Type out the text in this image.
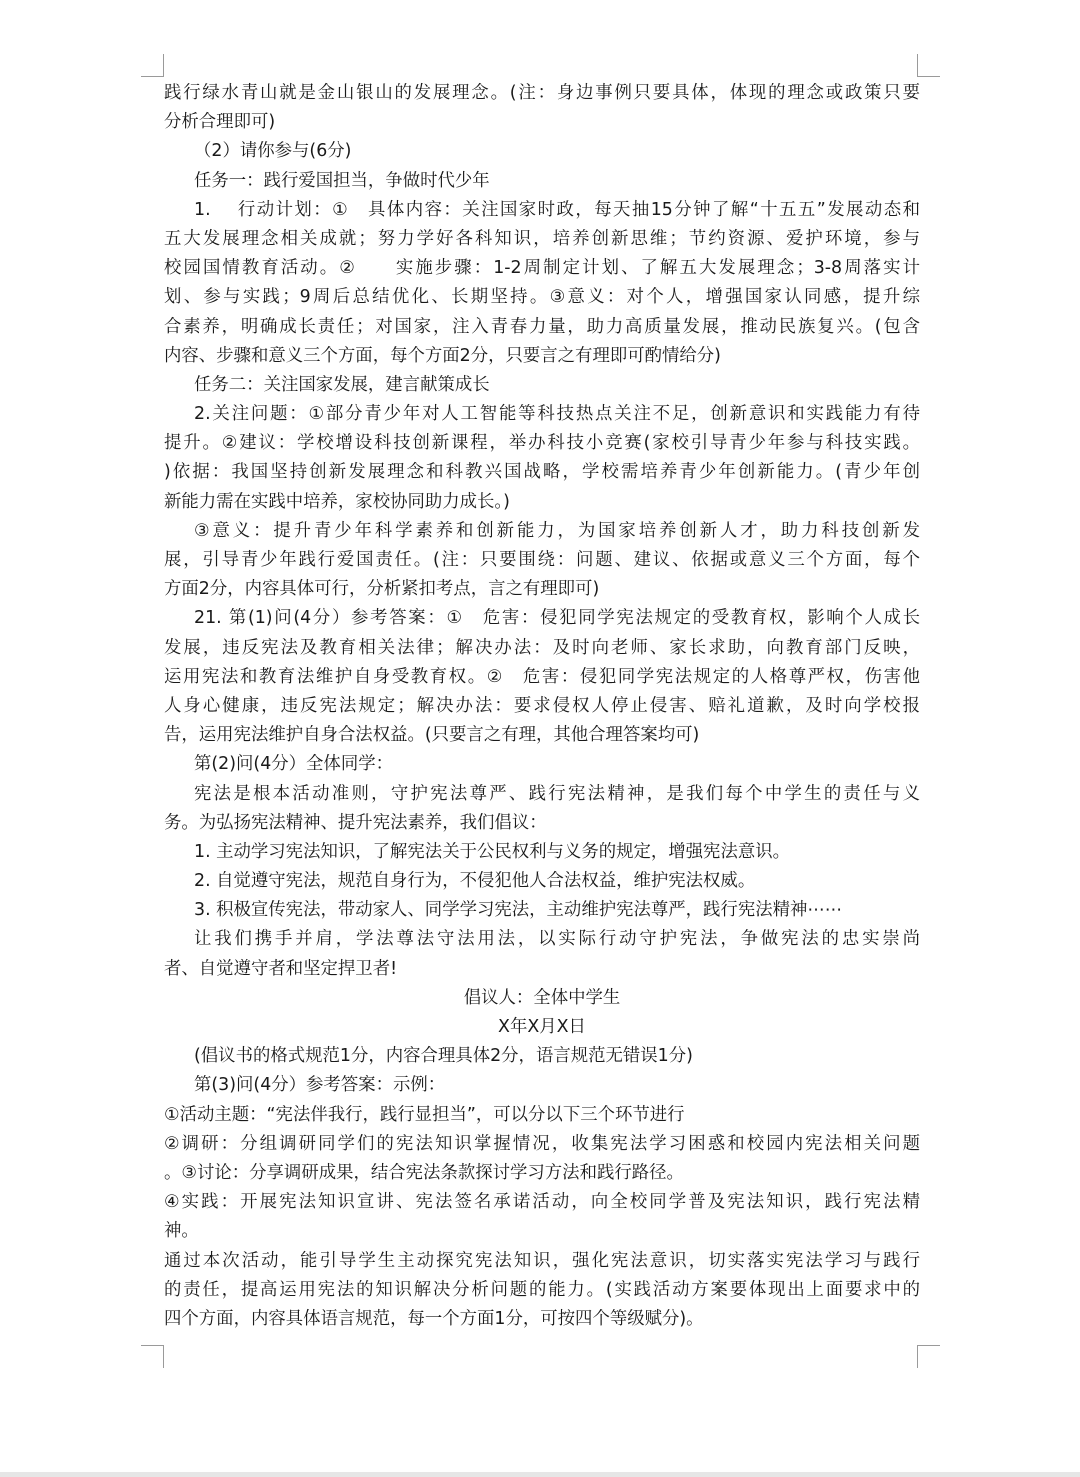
践行绿水青山就是金山银山的发展理念。(注：身边事例只要具体，体现的理念或政策只要
分析合理即可)
（2）请你参与(6分)
任务一：践行爱国担当，争做时代少年
1.　 行动计划：①　具体内容：关注国家时政，每天抽15分钟了解“十五五”发展动态和
五大发展理念相关成就；努力学好各科知识，培养创新思维；节约资源、爱护环境，参与
校园国情教育活动。②　　实施步骤：1-2周制定计划、了解五大发展理念；3-8周落实计
划、参与实践；9周后总结优化、长期坚持。③意义：对个人，增强国家认同感，提升综
合素养，明确成长责任；对国家，注入青春力量，助力高质量发展，推动民族复兴。(包含
内容、步骤和意义三个方面，每个方面2分，只要言之有理即可酌情给分)
任务二：关注国家发展，建言献策成长
2.关注问题：①部分青少年对人工智能等科技热点关注不足，创新意识和实践能力有待
提升。②建议：学校增设科技创新课程，举办科技小竞赛(家校引导青少年参与科技实践。
)依据：我国坚持创新发展理念和科教兴国战略，学校需培养青少年创新能力。(青少年创
新能力需在实践中培养，家校协同助力成长。)
③意义：提升青少年科学素养和创新能力，为国家培养创新人才，助力科技创新发
展，引导青少年践行爱国责任。(注：只要围绕：问题、建议、依据或意义三个方面，每个
方面2分，内容具体可行，分析紧扣考点，言之有理即可)
21. 第(1)问(4分）参考答案：①　危害：侵犯同学宪法规定的受教育权，影响个人成长
发展，违反宪法及教育相关法律；解决办法：及时向老师、家长求助，向教育部门反映，
运用宪法和教育法维护自身受教育权。②　危害：侵犯同学宪法规定的人格尊严权，伤害他
人身心健康，违反宪法规定；解决办法：要求侵权人停止侵害、赔礼道歉，及时向学校报
告，运用宪法维护自身合法权益。(只要言之有理，其他合理答案均可)
第(2)问(4分）全体同学：
宪法是根本活动准则，守护宪法尊严、践行宪法精神，是我们每个中学生的责任与义
务。为弘扬宪法精神、提升宪法素养，我们倡议：
1. 主动学习宪法知识，了解宪法关于公民权利与义务的规定，增强宪法意识。
2. 自觉遵守宪法，规范自身行为，不侵犯他人合法权益，维护宪法权威。
3. 积极宣传宪法，带动家人、同学学习宪法，主动维护宪法尊严，践行宪法精神⋯⋯
让我们携手并肩，学法尊法守法用法，以实际行动守护宪法，争做宪法的忠实崇尚
者、自觉遵守者和坚定捍卫者!
倡议人：全体中学生
X年X月X日
(倡议书的格式规范1分，内容合理具体2分，语言规范无错误1分)
第(3)问(4分）参考答案：示例：
①活动主题：“宪法伴我行，践行显担当”，可以分以下三个环节进行
②调研：分组调研同学们的宪法知识掌握情况，收集宪法学习困惑和校园内宪法相关问题
。③讨论：分享调研成果，结合宪法条款探讨学习方法和践行路径。
④实践：开展宪法知识宣讲、宪法签名承诺活动，向全校同学普及宪法知识，践行宪法精
神。
通过本次活动，能引导学生主动探究宪法知识，强化宪法意识，切实落实宪法学习与践行
的责任，提高运用宪法的知识解决分析问题的能力。(实践活动方案要体现出上面要求中的
四个方面，内容具体语言规范，每一个方面1分，可按四个等级赋分)。
